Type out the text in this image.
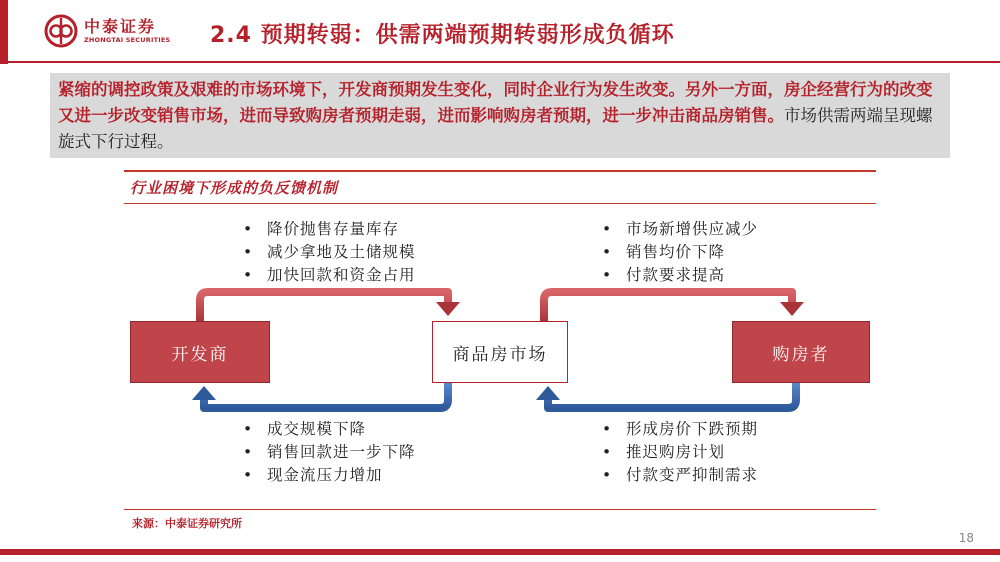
中泰证券
ZHONGTAI SECURITIES 2.4 预期转弱：供需两端预期转弱形成负循环
紧缩的调控政策及艰难的市场环境下，开发商预期发生变化，同时企业行为发生改变。另外一方面，房企经营行为的改变又进一步改变销售市场，进而导致购房者预期走弱，进而影响购房者预期，进一步冲击商品房销售。市场供需两端呈现螺旋式下行过程。
行业困境下形成的负反馈机制
• 降价抛售存量库存
• 减少拿地及土储规模
• 加快回款和资金占用
• 市场新增供应减少
• 销售均价下降
• 付款要求提高
• 成交规模下降
• 销售回款进一步下降
• 现金流压力增加
• 形成房价下跌预期
• 推迟购房计划
• 付款变严抑制需求
开发商	商品房市场	购房者
来源：中泰证券研究所
18
